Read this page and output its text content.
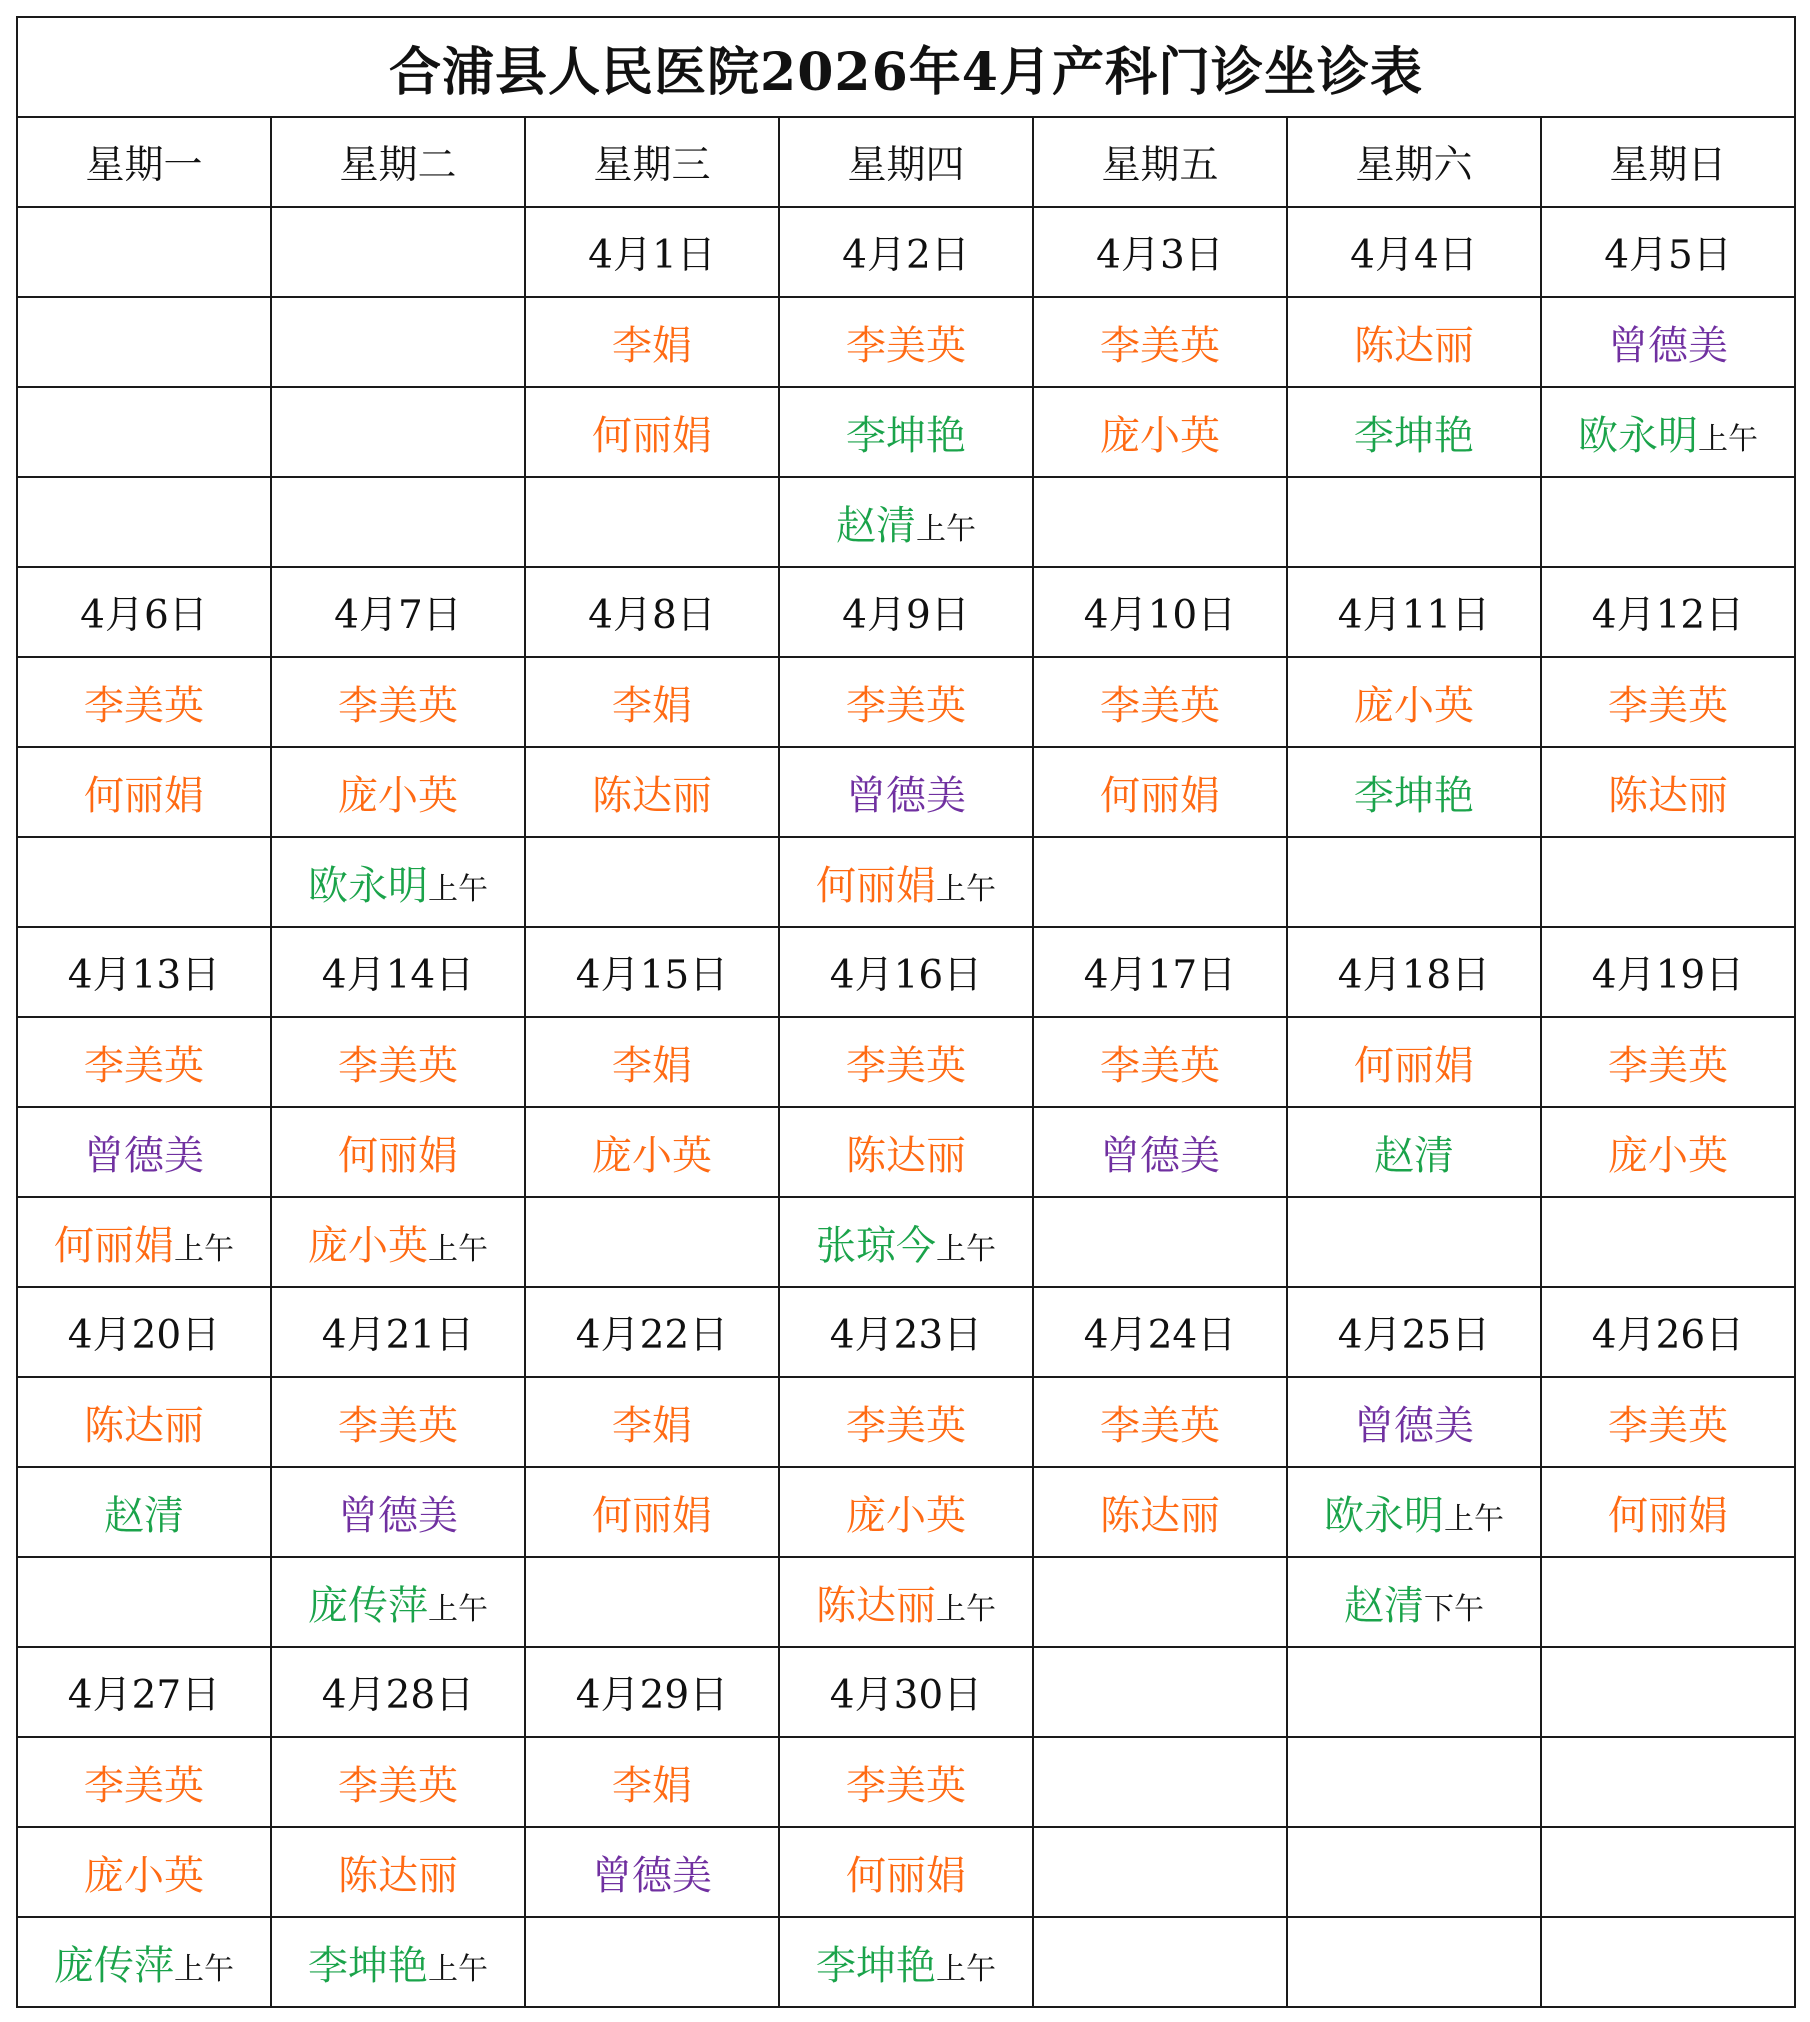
合浦县人民医院2026年4月产科门诊坐诊表						
星期一	星期二	星期三	星期四	星期五	星期六	星期日
		4月1日	4月2日	4月3日	4月4日	4月5日
		李娟	李美英	李美英	陈达丽	曾德美
		何丽娟	李坤艳	庞小英	李坤艳	欧永明上午
			赵清上午			
4月6日	4月7日	4月8日	4月9日	4月10日	4月11日	4月12日
李美英	李美英	李娟	李美英	李美英	庞小英	李美英
何丽娟	庞小英	陈达丽	曾德美	何丽娟	李坤艳	陈达丽
	欧永明上午		何丽娟上午			
4月13日	4月14日	4月15日	4月16日	4月17日	4月18日	4月19日
李美英	李美英	李娟	李美英	李美英	何丽娟	李美英
曾德美	何丽娟	庞小英	陈达丽	曾德美	赵清	庞小英
何丽娟上午	庞小英上午		张琼今上午			
4月20日	4月21日	4月22日	4月23日	4月24日	4月25日	4月26日
陈达丽	李美英	李娟	李美英	李美英	曾德美	李美英
赵清	曾德美	何丽娟	庞小英	陈达丽	欧永明上午	何丽娟
	庞传萍上午		陈达丽上午		赵清下午	
4月27日	4月28日	4月29日	4月30日			
李美英	李美英	李娟	李美英			
庞小英	陈达丽	曾德美	何丽娟			
庞传萍上午	李坤艳上午		李坤艳上午			
